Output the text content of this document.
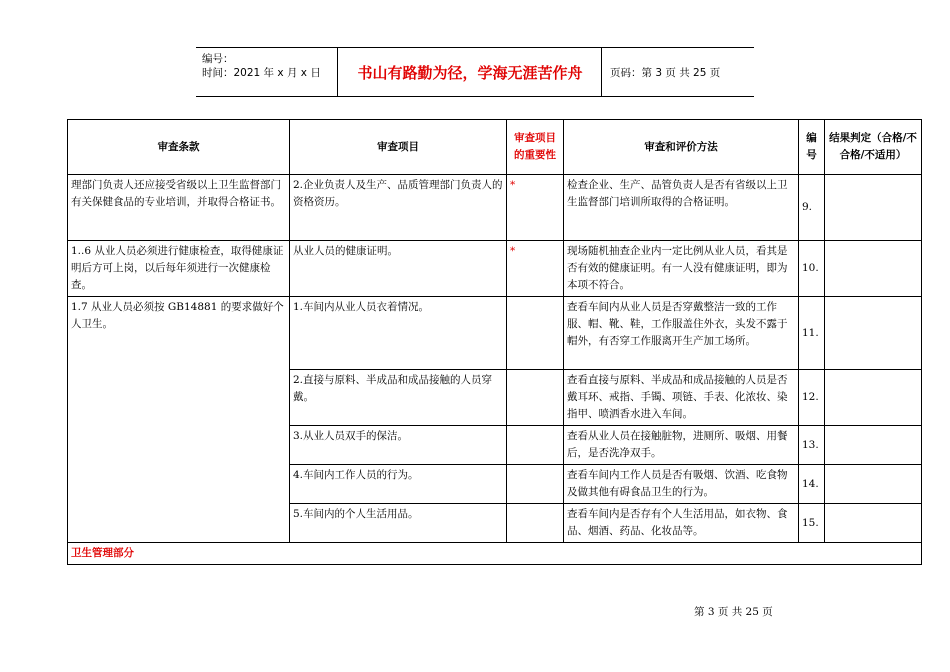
编号：
时间：2021 年 x 月 x 日	书山有路勤为径，学海无涯苦作舟	页码：第 3 页 共 25 页
审查条款	审查项目	审查项目的重要性	审查和评价方法	编号	结果判定（合格/不合格/不适用）
理部门负责人还应接受省级以上卫生监督部门有关保健食品的专业培训，并取得合格证书。	2.企业负责人及生产、品质管理部门负责人的资格资历。	*	检查企业、生产、品管负责人是否有省级以上卫生监督部门培训所取得的合格证明。	9.	
1..6 从业人员必须进行健康检查，取得健康证明后方可上岗，以后每年须进行一次健康检查。	从业人员的健康证明。	*	现场随机抽查企业内一定比例从业人员，看其是否有效的健康证明。有一人没有健康证明，即为本项不符合。	10.	
1.7 从业人员必须按 GB14881 的要求做好个人卫生。	1.车间内从业人员衣着情况。		查看车间内从业人员是否穿戴整洁一致的工作服、帽、靴、鞋，工作服盖住外衣，头发不露于帽外，有否穿工作服离开生产加工场所。	11.	
	2.直接与原料、半成品和成品接触的人员穿戴。		查看直接与原料、半成品和成品接触的人员是否戴耳环、戒指、手镯、项链、手表、化浓妆、染指甲、喷洒香水进入车间。	12.	
	3.从业人员双手的保洁。		查看从业人员在接触脏物，进厕所、吸烟、用餐后，是否洗净双手。	13.	
	4.车间内工作人员的行为。		查看车间内工作人员是否有吸烟、饮酒、吃食物及做其他有碍食品卫生的行为。	14.	
	5.车间内的个人生活用品。		查看车间内是否存有个人生活用品，如衣物、食品、烟酒、药品、化妆品等。	15.	
卫生管理部分					
第 3 页 共 25 页
